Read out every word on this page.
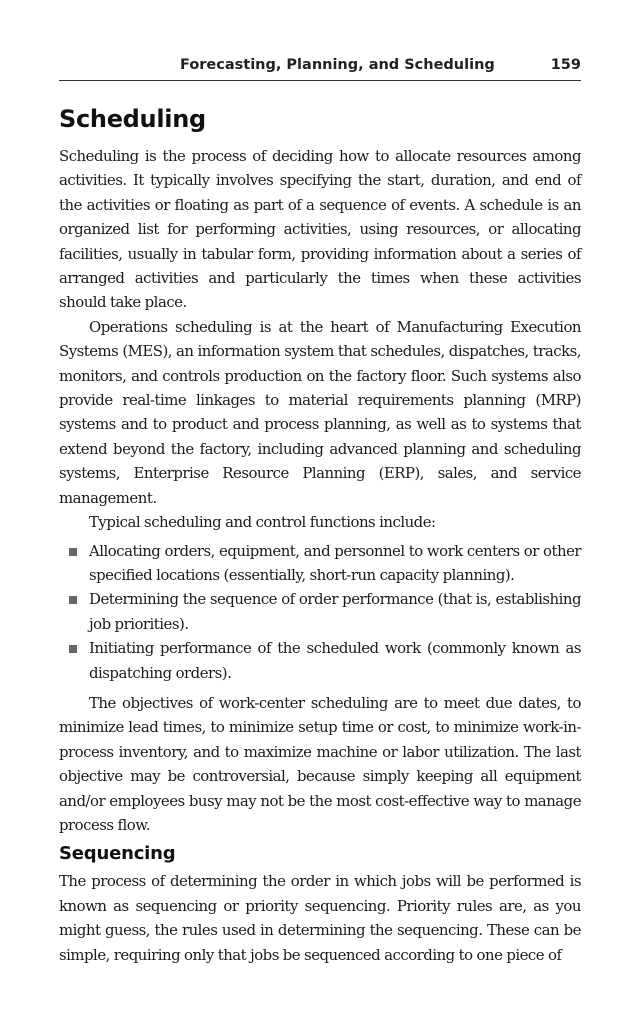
Forecasting, Planning, and Scheduling	159
Scheduling

Scheduling is the process of deciding how to allocate resources among activities. It typically involves specifying the start, duration, and end of the activities or floating as part of a sequence of events. A schedule is an organized list for performing activities, using resources, or allocating facilities, usually in tabular form, providing information about a series of arranged activities and particularly the times when these activities should take place.

Operations scheduling is at the heart of Manufacturing Execution Systems (MES), an information system that schedules, dispatches, tracks, monitors, and controls production on the factory floor. Such systems also provide real-time linkages to material requirements planning (MRP) systems and to product and process planning, as well as to systems that extend beyond the factory, including advanced planning and scheduling systems, Enterprise Resource Planning (ERP), sales, and service management.

Typical scheduling and control functions include:

Allocating orders, equipment, and personnel to work centers or other specified locations (essentially, short-run capacity planning).
Determining the sequence of order performance (that is, establishing job priorities).
Initiating performance of the scheduled work (commonly known as dispatching orders).

The objectives of work-center scheduling are to meet due dates, to minimize lead times, to minimize setup time or cost, to minimize work-in-process inventory, and to maximize machine or labor utilization. The last objective may be controversial, because simply keeping all equipment and/or employees busy may not be the most cost-effective way to manage process flow.

Sequencing

The process of determining the order in which jobs will be performed is known as sequencing or priority sequencing. Priority rules are, as you might guess, the rules used in determining the sequencing. These can be simple, requiring only that jobs be sequenced according to one piece of
